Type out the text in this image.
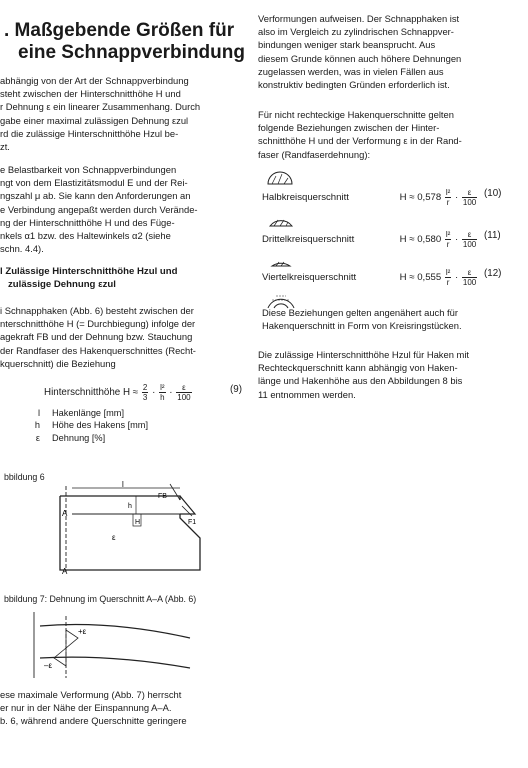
. Maßgebende Größen für
eine Schnappverbindung

abhängig von der Art der Schnappverbindung
steht zwischen der Hinterschnitthöhe H und
r Dehnung ε ein linearer Zusammenhang. Durch
gabe einer maximal zulässigen Dehnung εzul
rd die zulässige Hinterschnitthöhe Hzul be-
zt.

e Belastbarkeit von Schnappverbindungen
ngt von dem Elastizitätsmodul E und der Rei-
ngszahl μ ab. Sie kann den Anforderungen an
e Verbindung angepaßt werden durch Verände-
ng der Hinterschnitthöhe H und des Füge-
nkels α1 bzw. des Haltewinkels α2 (siehe
schn. 4.4).

l Zulässige Hinterschnitthöhe Hzul und
zulässige Dehnung εzul

i Schnapphaken (Abb. 6) besteht zwischen der
nterschnitthöhe H (= Durchbiegung) infolge der
agekraft FB und der Dehnung bzw. Stauchung
der Randfaser des Hakenquerschnittes (Recht-
kquerschnitt) die Beziehung

Hinterschnitthöhe $H \approx \frac{2}{3} \cdot \frac{\text{l²}}{h} \cdot \frac{\varepsilon}{100}$	(9)
l	Hakenlänge [mm]
h	Höhe des Hakens [mm]
ε	Dehnung [%]
bbildung 6
l
h
H
FB
F1
ε
A
A
bbildung 7: Dehnung im Querschnitt A–A (Abb. 6)
+ε
–ε

ese maximale Verformung (Abb. 7) herrscht
er nur in der Nähe der Einspannung A–A.
b. 6, während andere Querschnitte geringere

Verformungen aufweisen. Der Schnapphaken ist
also im Vergleich zu zylindrischen Schnappver-
bindungen weniger stark beansprucht. Aus
diesem Grunde können auch höhere Dehnungen
zugelassen werden, was in vielen Fällen aus
konstruktiv bedingten Gründen erforderlich ist.

Für nicht rechteckige Hakenquerschnitte gelten
folgende Beziehungen zwischen der Hinter-
schnitthöhe H und der Verformung ε in der Rand-
faser (Randfaserdehnung):

Halbkreisquerschnitt	$H \approx 0,578 \frac{\text{l²}}{r} \cdot \frac{\varepsilon}{100} (10)$
Drittelkreisquerschnitt	$H \approx 0,580 \frac{\text{l²}}{r} \cdot \frac{\varepsilon}{100} (11)$
Viertelkreisquerschnitt	$H \approx 0,555 \frac{\text{l²}}{r} \cdot \frac{\varepsilon}{100} (12)$

Diese Beziehungen gelten angenähert auch für
Hakenquerschnitt in Form von Kreisringstücken.

Die zulässige Hinterschnitthöhe Hzul für Haken mit
Rechteckquerschnitt kann abhängig von Haken-
länge und Hakenhöhe aus den Abbildungen 8 bis
11 entnommen werden.
